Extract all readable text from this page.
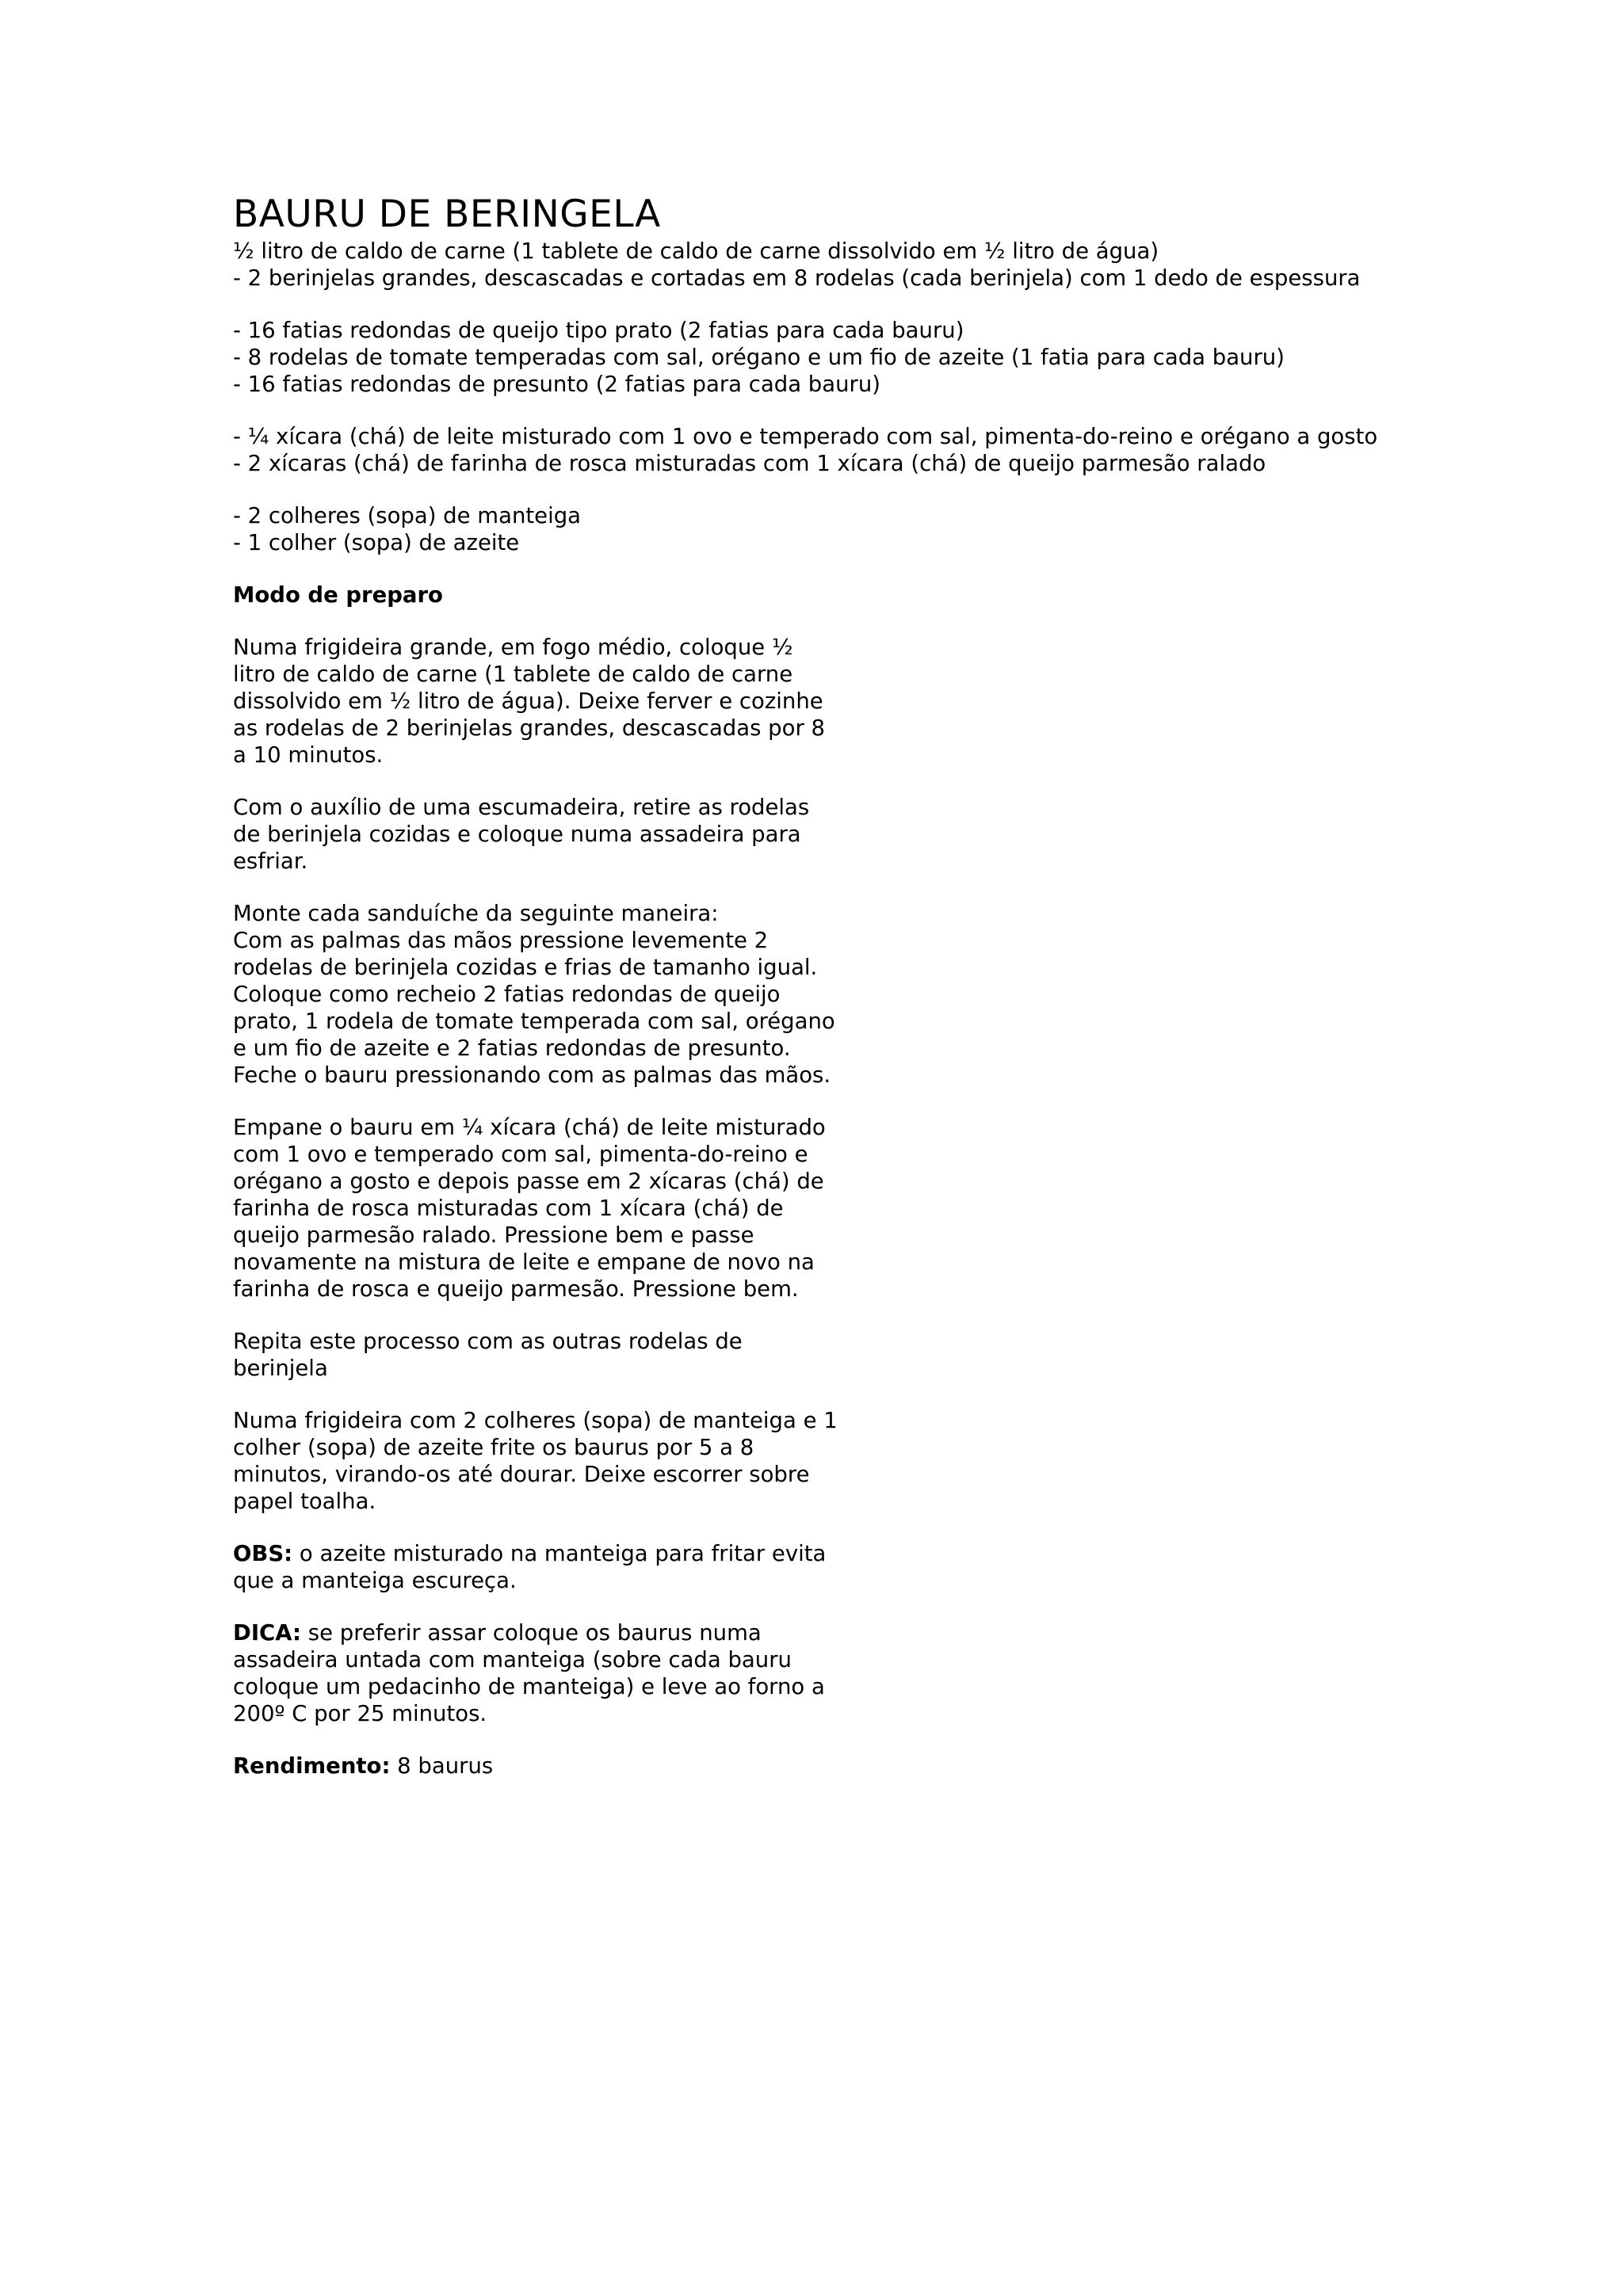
BAURU DE BERINGELA

½ litro de caldo de carne (1 tablete de caldo de carne dissolvido em ½ litro de água)

- 2 berinjelas grandes, descascadas e cortadas em 8 rodelas (cada berinjela) com 1 dedo de espessura

- 16 fatias redondas de queijo tipo prato (2 fatias para cada bauru)

- 8 rodelas de tomate temperadas com sal, orégano e um fio de azeite (1 fatia para cada bauru)

- 16 fatias redondas de presunto (2 fatias para cada bauru)

- ¼ xícara (chá) de leite misturado com 1 ovo e temperado com sal, pimenta-do-reino e orégano a gosto

- 2 xícaras (chá) de farinha de rosca misturadas com 1 xícara (chá) de queijo parmesão ralado

- 2 colheres (sopa) de manteiga

- 1 colher (sopa) de azeite

Modo de preparo

Numa frigideira grande, em fogo médio, coloque ½

litro de caldo de carne (1 tablete de caldo de carne

dissolvido em ½ litro de água). Deixe ferver e cozinhe

as rodelas de 2 berinjelas grandes, descascadas por 8

a 10 minutos.

Com o auxílio de uma escumadeira, retire as rodelas

de berinjela cozidas e coloque numa assadeira para

esfriar.

Monte cada sanduíche da seguinte maneira:

Com as palmas das mãos pressione levemente 2

rodelas de berinjela cozidas e frias de tamanho igual.

Coloque como recheio 2 fatias redondas de queijo

prato, 1 rodela de tomate temperada com sal, orégano

e um fio de azeite e 2 fatias redondas de presunto.

Feche o bauru pressionando com as palmas das mãos.

Empane o bauru em ¼ xícara (chá) de leite misturado

com 1 ovo e temperado com sal, pimenta-do-reino e

orégano a gosto e depois passe em 2 xícaras (chá) de

farinha de rosca misturadas com 1 xícara (chá) de

queijo parmesão ralado. Pressione bem e passe

novamente na mistura de leite e empane de novo na

farinha de rosca e queijo parmesão. Pressione bem.

Repita este processo com as outras rodelas de

berinjela

Numa frigideira com 2 colheres (sopa) de manteiga e 1

colher (sopa) de azeite frite os baurus por 5 a 8

minutos, virando-os até dourar. Deixe escorrer sobre

papel toalha.

OBS: o azeite misturado na manteiga para fritar evita

que a manteiga escureça.

DICA: se preferir assar coloque os baurus numa

assadeira untada com manteiga (sobre cada bauru

coloque um pedacinho de manteiga) e leve ao forno a

200º C por 25 minutos.

Rendimento: 8 baurus
